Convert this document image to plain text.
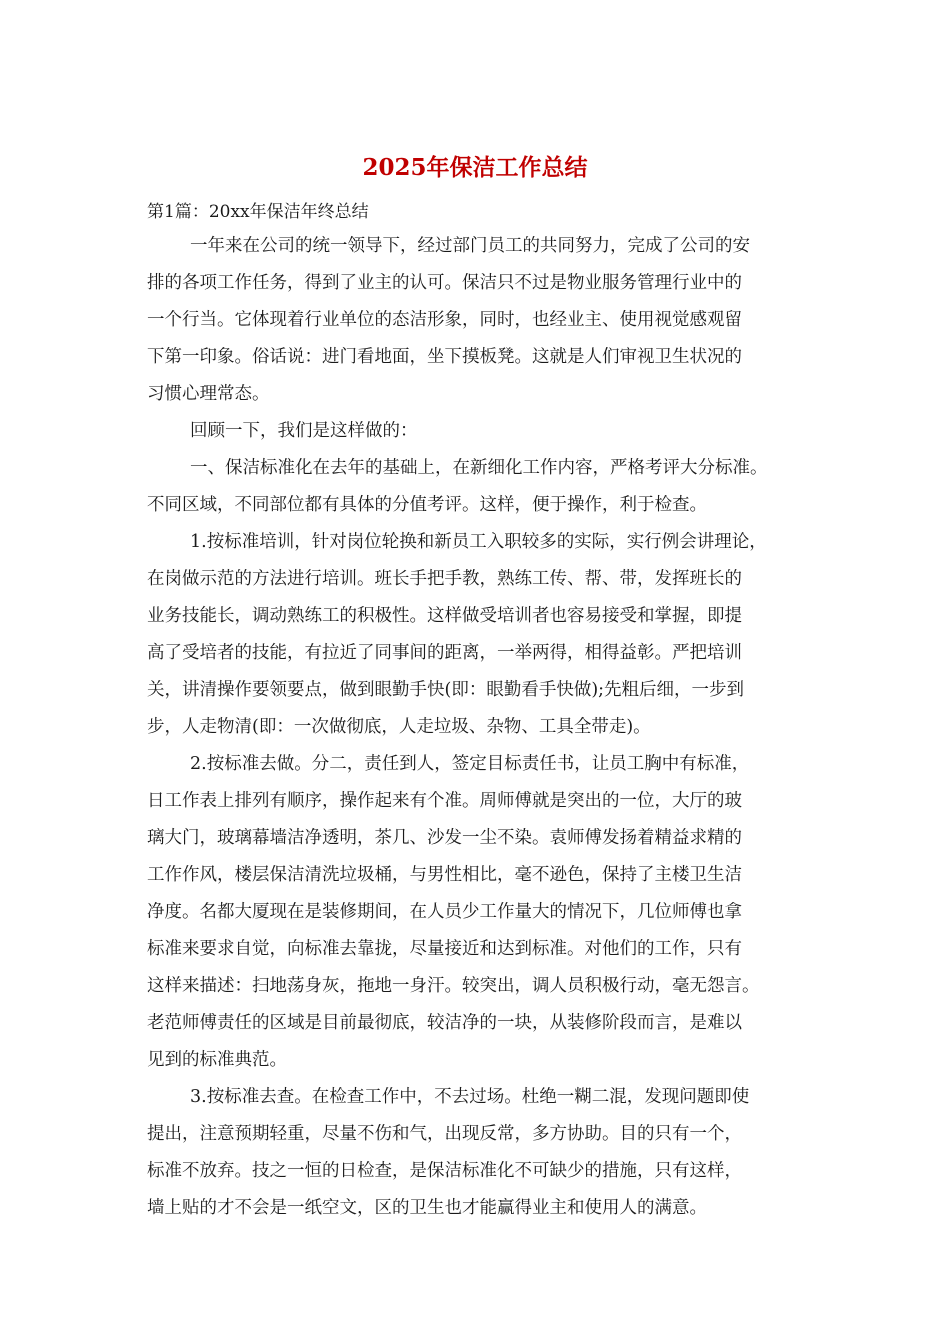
2025年保洁工作总结

第1篇：20xx年保洁年终总结

一年来在公司的统一领导下，经过部门员工的共同努力，完成了公司的安

排的各项工作任务，得到了业主的认可。保洁只不过是物业服务管理行业中的

一个行当。它体现着行业单位的态洁形象，同时，也经业主、使用视觉感观留

下第一印象。俗话说：进门看地面，坐下摸板凳。这就是人们审视卫生状况的

习惯心理常态。

回顾一下，我们是这样做的：

一、保洁标准化在去年的基础上，在新细化工作内容，严格考评大分标准。

不同区域，不同部位都有具体的分值考评。这样，便于操作，利于检查。

1.按标准培训，针对岗位轮换和新员工入职较多的实际，实行例会讲理论，

在岗做示范的方法进行培训。班长手把手教，熟练工传、帮、带，发挥班长的

业务技能长，调动熟练工的积极性。这样做受培训者也容易接受和掌握，即提

高了受培者的技能，有拉近了同事间的距离，一举两得，相得益彰。严把培训

关，讲清操作要领要点，做到眼勤手快(即：眼勤看手快做);先粗后细，一步到

步，人走物清(即：一次做彻底，人走垃圾、杂物、工具全带走)。

2.按标准去做。分二，责任到人，签定目标责任书，让员工胸中有标准，

日工作表上排列有顺序，操作起来有个准。周师傅就是突出的一位，大厅的玻

璃大门，玻璃幕墙洁净透明，茶几、沙发一尘不染。袁师傅发扬着精益求精的

工作作风，楼层保洁清洗垃圾桶，与男性相比，毫不逊色，保持了主楼卫生洁

净度。名都大厦现在是装修期间，在人员少工作量大的情况下，几位师傅也拿

标准来要求自觉，向标准去靠拢，尽量接近和达到标准。对他们的工作，只有

这样来描述：扫地荡身灰，拖地一身汗。较突出，调人员积极行动，毫无怨言。

老范师傅责任的区域是目前最彻底，较洁净的一块，从装修阶段而言，是难以

见到的标准典范。

3.按标准去查。在检查工作中，不去过场。杜绝一糊二混，发现问题即使

提出，注意预期轻重，尽量不伤和气，出现反常，多方协助。目的只有一个，

标准不放弃。技之一恒的日检查，是保洁标准化不可缺少的措施，只有这样，

墙上贴的才不会是一纸空文，区的卫生也才能赢得业主和使用人的满意。
